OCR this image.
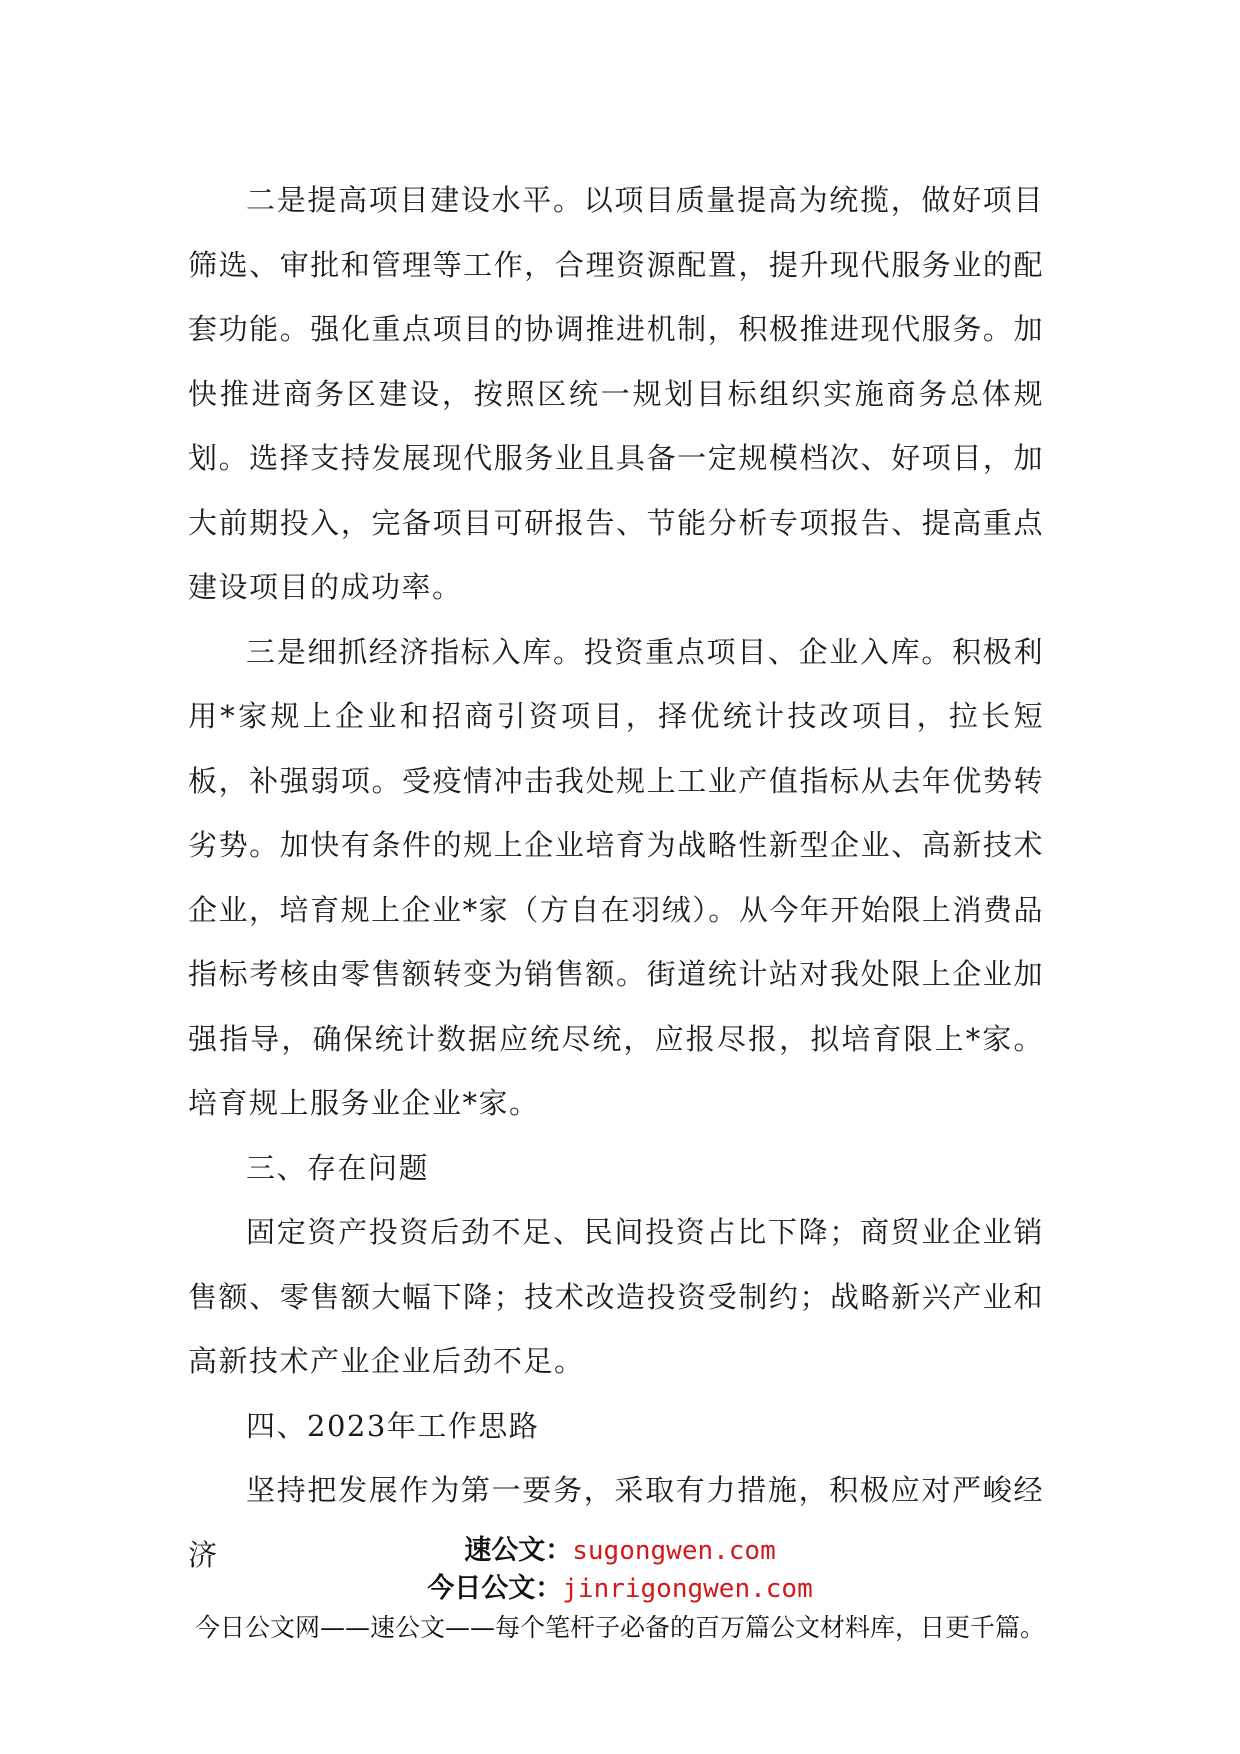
二是提高项目建设水平。以项目质量提高为统揽，做好项目筛选、审批和管理等工作，合理资源配置，提升现代服务业的配套功能。强化重点项目的协调推进机制，积极推进现代服务。加快推进商务区建设，按照区统一规划目标组织实施商务总体规划。选择支持发展现代服务业且具备一定规模档次、好项目，加大前期投入，完备项目可研报告、节能分析专项报告、提高重点建设项目的成功率。

三是细抓经济指标入库。投资重点项目、企业入库。积极利用*家规上企业和招商引资项目，择优统计技改项目，拉长短板，补强弱项。受疫情冲击我处规上工业产值指标从去年优势转劣势。加快有条件的规上企业培育为战略性新型企业、高新技术企业，培育规上企业*家（方自在羽绒）。从今年开始限上消费品指标考核由零售额转变为销售额。街道统计站对我处限上企业加强指导，确保统计数据应统尽统，应报尽报，拟培育限上*家。培育规上服务业企业*家。

三、存在问题

固定资产投资后劲不足、民间投资占比下降；商贸业企业销售额、零售额大幅下降；技术改造投资受制约；战略新兴产业和高新技术产业企业后劲不足。

四、2023年工作思路

坚持把发展作为第一要务，采取有力措施，积极应对严峻经济	速公文：sugongwen.com
今日公文：jinrigongwen.com
今日公文网——速公文——每个笔杆子必备的百万篇公文材料库，日更千篇。
